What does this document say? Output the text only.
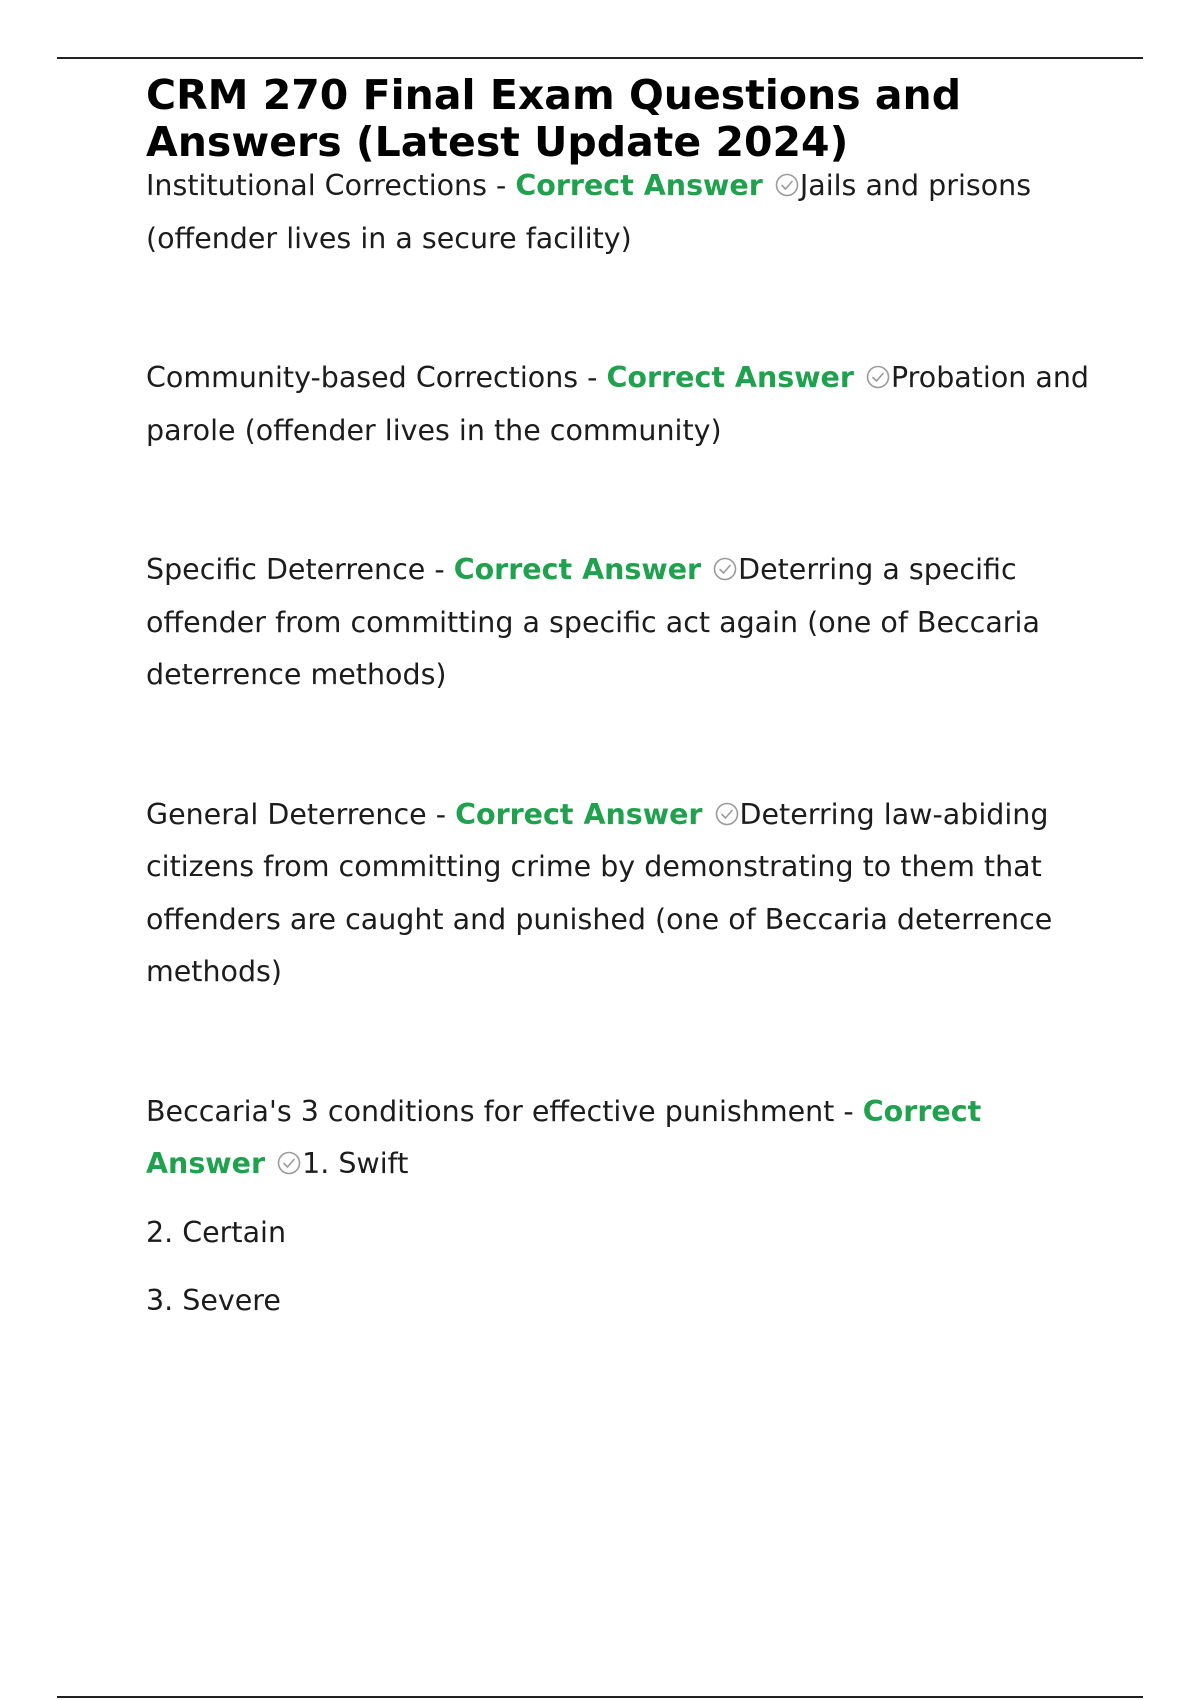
CRM 270 Final Exam Questions and Answers (Latest Update 2024)

Institutional Corrections - Correct Answer Jails and prisons (offender lives in a secure facility)

Community-based Corrections - Correct Answer Probation and parole (offender lives in the community)

Specific Deterrence - Correct Answer Deterring a specific offender from committing a specific act again (one of Beccaria deterrence methods)

General Deterrence - Correct Answer Deterring law-abiding citizens from committing crime by demonstrating to them that offenders are caught and punished (one of Beccaria deterrence methods)

Beccaria's 3 conditions for effective punishment - Correct Answer 1. Swift

2. Certain

3. Severe
